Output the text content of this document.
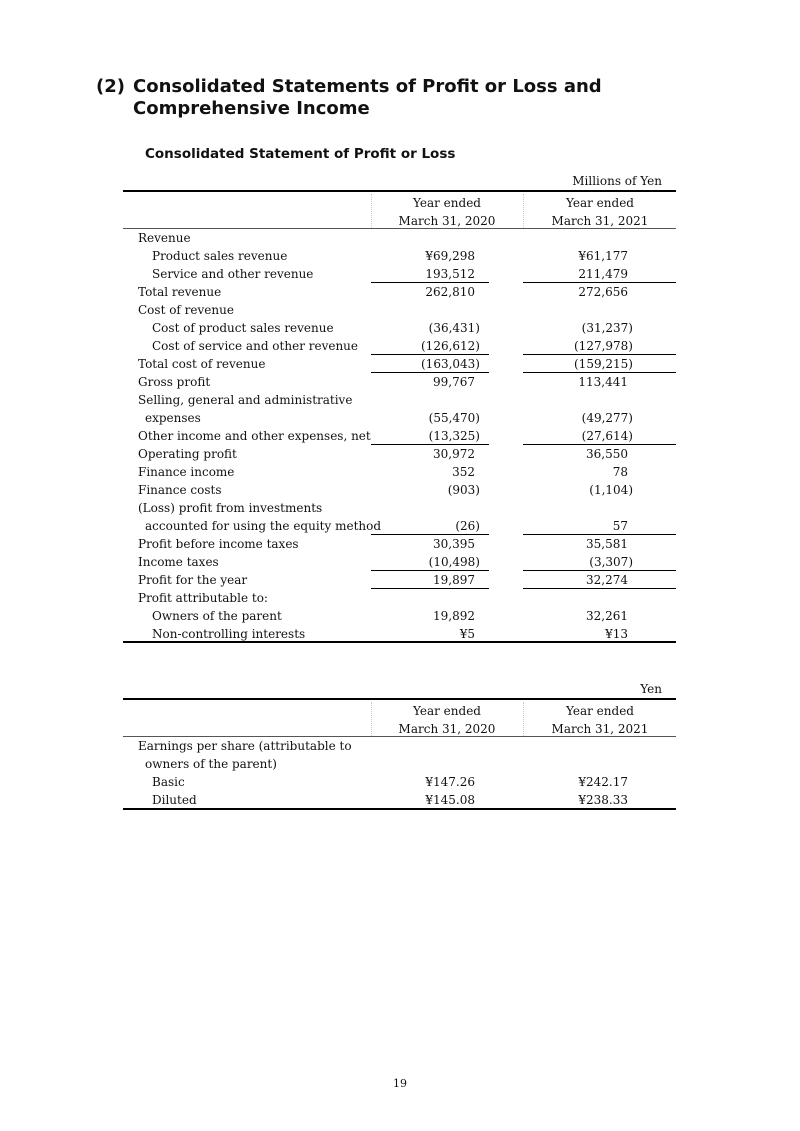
(2) Consolidated Statements of Profit or Loss and Comprehensive Income
Consolidated Statement of Profit or Loss
Millions of Yen
Year ended
March 31, 2020
Year ended
March 31, 2021
Revenue
Product sales revenue	¥69,298	¥61,177
Service and other revenue	193,512	211,479
Total revenue	262,810	272,656
Cost of revenue
Cost of product sales revenue	(36,431)	(31,237)
Cost of service and other revenue	(126,612)	(127,978)
Total cost of revenue	(163,043)	(159,215)
Gross profit	99,767	113,441
Selling, general and administrative
expenses	(55,470)	(49,277)
Other income and other expenses, net	(13,325)	(27,614)
Operating profit	30,972	36,550
Finance income	352	78
Finance costs	(903)	(1,104)
(Loss) profit from investments
accounted for using the equity method	(26)	57
Profit before income taxes	30,395	35,581
Income taxes	(10,498)	(3,307)
Profit for the year	19,897	32,274
Profit attributable to:
Owners of the parent	19,892	32,261
Non-controlling interests	¥5	¥13
Yen
Year ended
March 31, 2020
Year ended
March 31, 2021
Earnings per share (attributable to
owners of the parent)
Basic	¥147.26	¥242.17
Diluted	¥145.08	¥238.33
19
